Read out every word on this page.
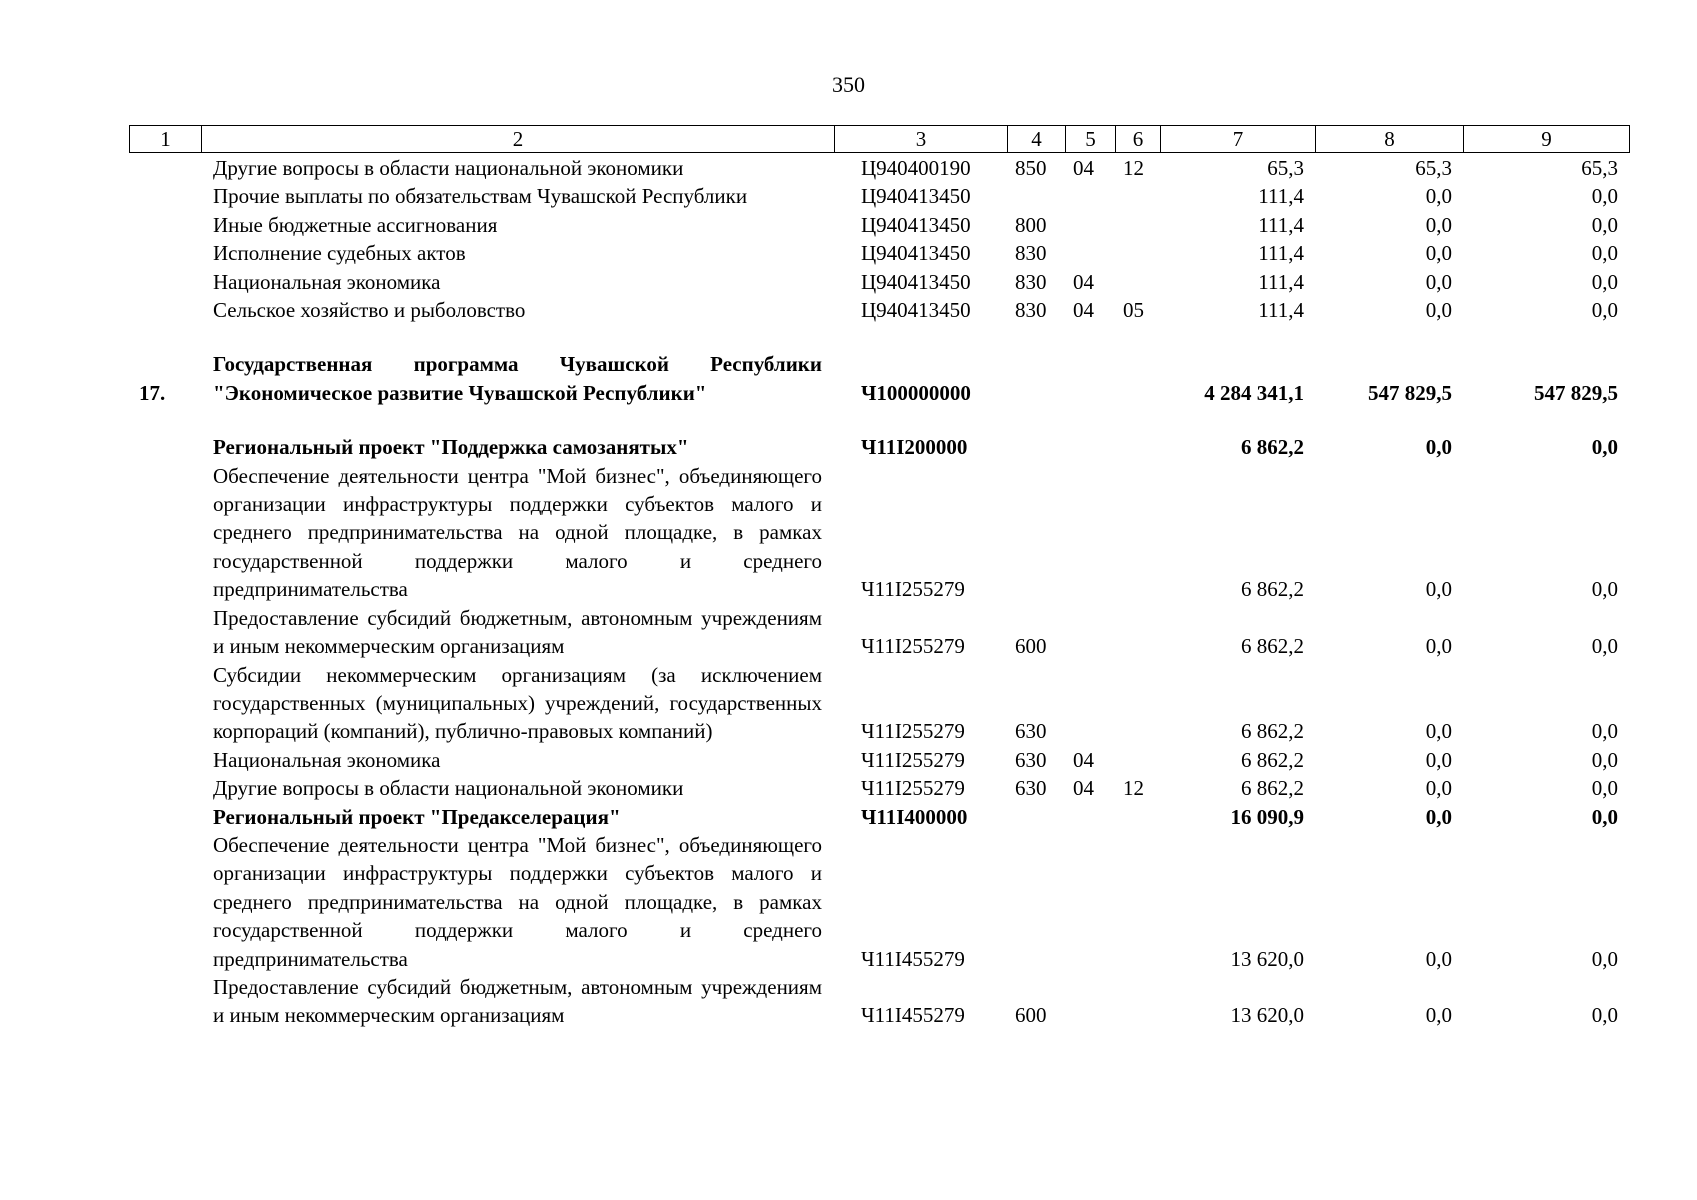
350
1	2	3	4	5	6	7	8	9
	Другие вопросы в области национальной экономики	Ц940400190	850	04	12	65,3	65,3	65,3
	Прочие выплаты по обязательствам Чувашской Республики	Ц940413450				111,4	0,0	0,0
	Иные бюджетные ассигнования	Ц940413450	800			111,4	0,0	0,0
	Исполнение судебных актов	Ц940413450	830			111,4	0,0	0,0
	Национальная экономика	Ц940413450	830	04		111,4	0,0	0,0
	Сельское хозяйство и рыболовство	Ц940413450	830	04	05	111,4	0,0	0,0
17.	Государственная программа Чувашской Республики "Экономическое развитие Чувашской Республики"	Ч100000000				4 284 341,1	547 829,5	547 829,5
	Региональный проект "Поддержка самозанятых"	Ч11I200000				6 862,2	0,0	0,0
	Обеспечение деятельности центра "Мой бизнес", объединяющего организации инфраструктуры поддержки субъектов малого и среднего предпринимательства на одной площадке, в рамках государственной поддержки малого и среднего предпринимательства	Ч11I255279				6 862,2	0,0	0,0
	Предоставление субсидий бюджетным, автономным учреждениям и иным некоммерческим организациям	Ч11I255279	600			6 862,2	0,0	0,0
	Субсидии некоммерческим организациям (за исключением государственных (муниципальных) учреждений, государственных корпораций (компаний), публично-правовых компаний)	Ч11I255279	630			6 862,2	0,0	0,0
	Национальная экономика	Ч11I255279	630	04		6 862,2	0,0	0,0
	Другие вопросы в области национальной экономики	Ч11I255279	630	04	12	6 862,2	0,0	0,0
	Региональный проект "Предакселерация"	Ч11I400000				16 090,9	0,0	0,0
	Обеспечение деятельности центра "Мой бизнес", объединяющего организации инфраструктуры поддержки субъектов малого и среднего предпринимательства на одной площадке, в рамках государственной поддержки малого и среднего предпринимательства	Ч11I455279				13 620,0	0,0	0,0
	Предоставление субсидий бюджетным, автономным учреждениям и иным некоммерческим организациям	Ч11I455279	600			13 620,0	0,0	0,0
